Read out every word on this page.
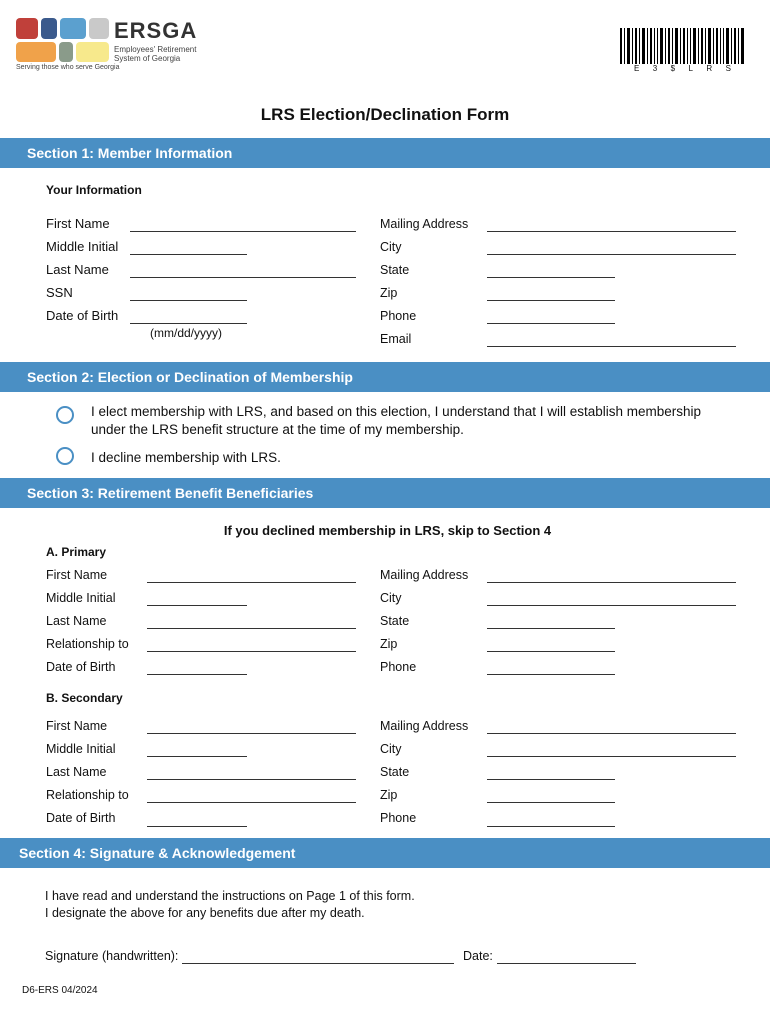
ERSGA
Employees' Retirement
System of Georgia
Serving those who serve Georgia	E 3 $ L R S
LRS Election/Declination Form
Section 1: Member Information
Your Information
First Name
Middle Initial
Last Name
SSN
Date of Birth
(mm/dd/yyyy)
Mailing Address
City
State
Zip
Phone
Email
Section 2: Election or Declination of Membership
I elect membership with LRS, and based on this election, I understand that I will establish membership
under the LRS benefit structure at the time of my membership.
I decline membership with LRS.
Section 3: Retirement Benefit Beneficiaries
If you declined membership in LRS, skip to Section 4
A. Primary
First Name
Middle Initial
Last Name
Relationship to
Date of Birth
Mailing Address
City
State
Zip
Phone
B. Secondary
First Name
Middle Initial
Last Name
Relationship to
Date of Birth
Mailing Address
City
State
Zip
Phone
Section 4: Signature & Acknowledgement
I have read and understand the instructions on Page 1 of this form.
I designate the above for any benefits due after my death.
Signature (handwritten):	Date:
D6-ERS 04/2024
